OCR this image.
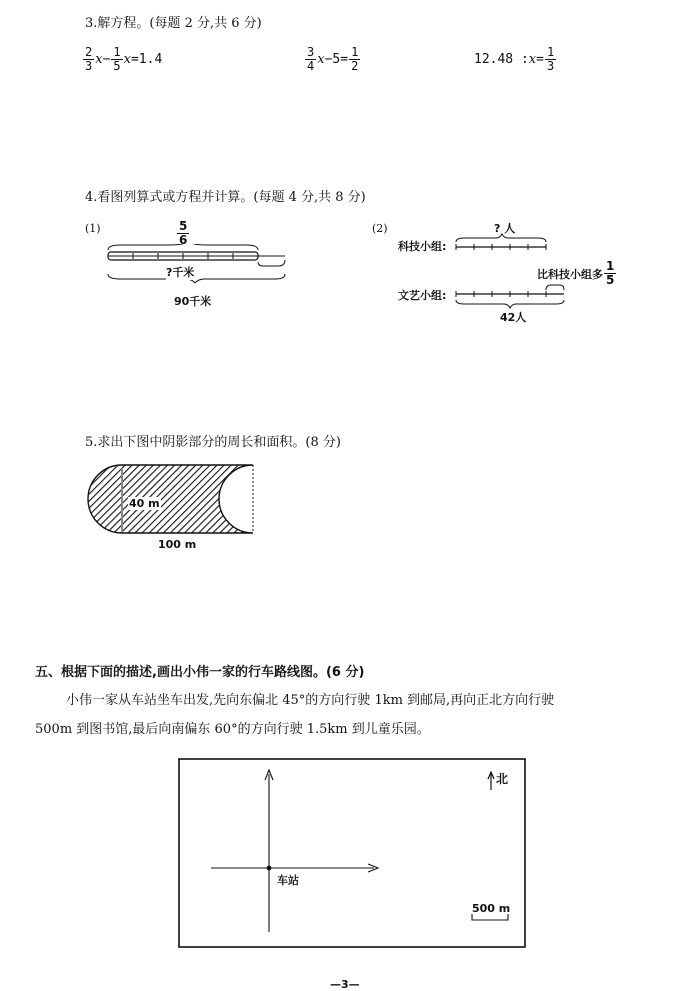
3.解方程。(每题 2 分,共 6 分)
$\frac{2}{3}$ $x - \frac{1}{5}$ x =1.4	$\frac{3}{4}$ $x -5= \frac{1}{2}$	12.48 : $x = \frac{1}{3}$
4.看图列算式或方程并计算。(每题 4 分,共 8 分)
(1)	$\frac{5}{6}$
?千米
90千米
(2)	? 人
科技小组:
文艺小组:
比科技小组多 $\frac{1}{5}$
42人
5.求出下图中阴影部分的周长和面积。(8 分)
40 m
100 m
五、根据下面的描述,画出小伟一家的行车路线图。(6 分)
小伟一家从车站坐车出发,先向东偏北 45°的方向行驶 1km 到邮局,再向正北方向行驶
500m 到图书馆,最后向南偏东 60°的方向行驶 1.5km 到儿童乐园。
北
车站
500 m
—3—
